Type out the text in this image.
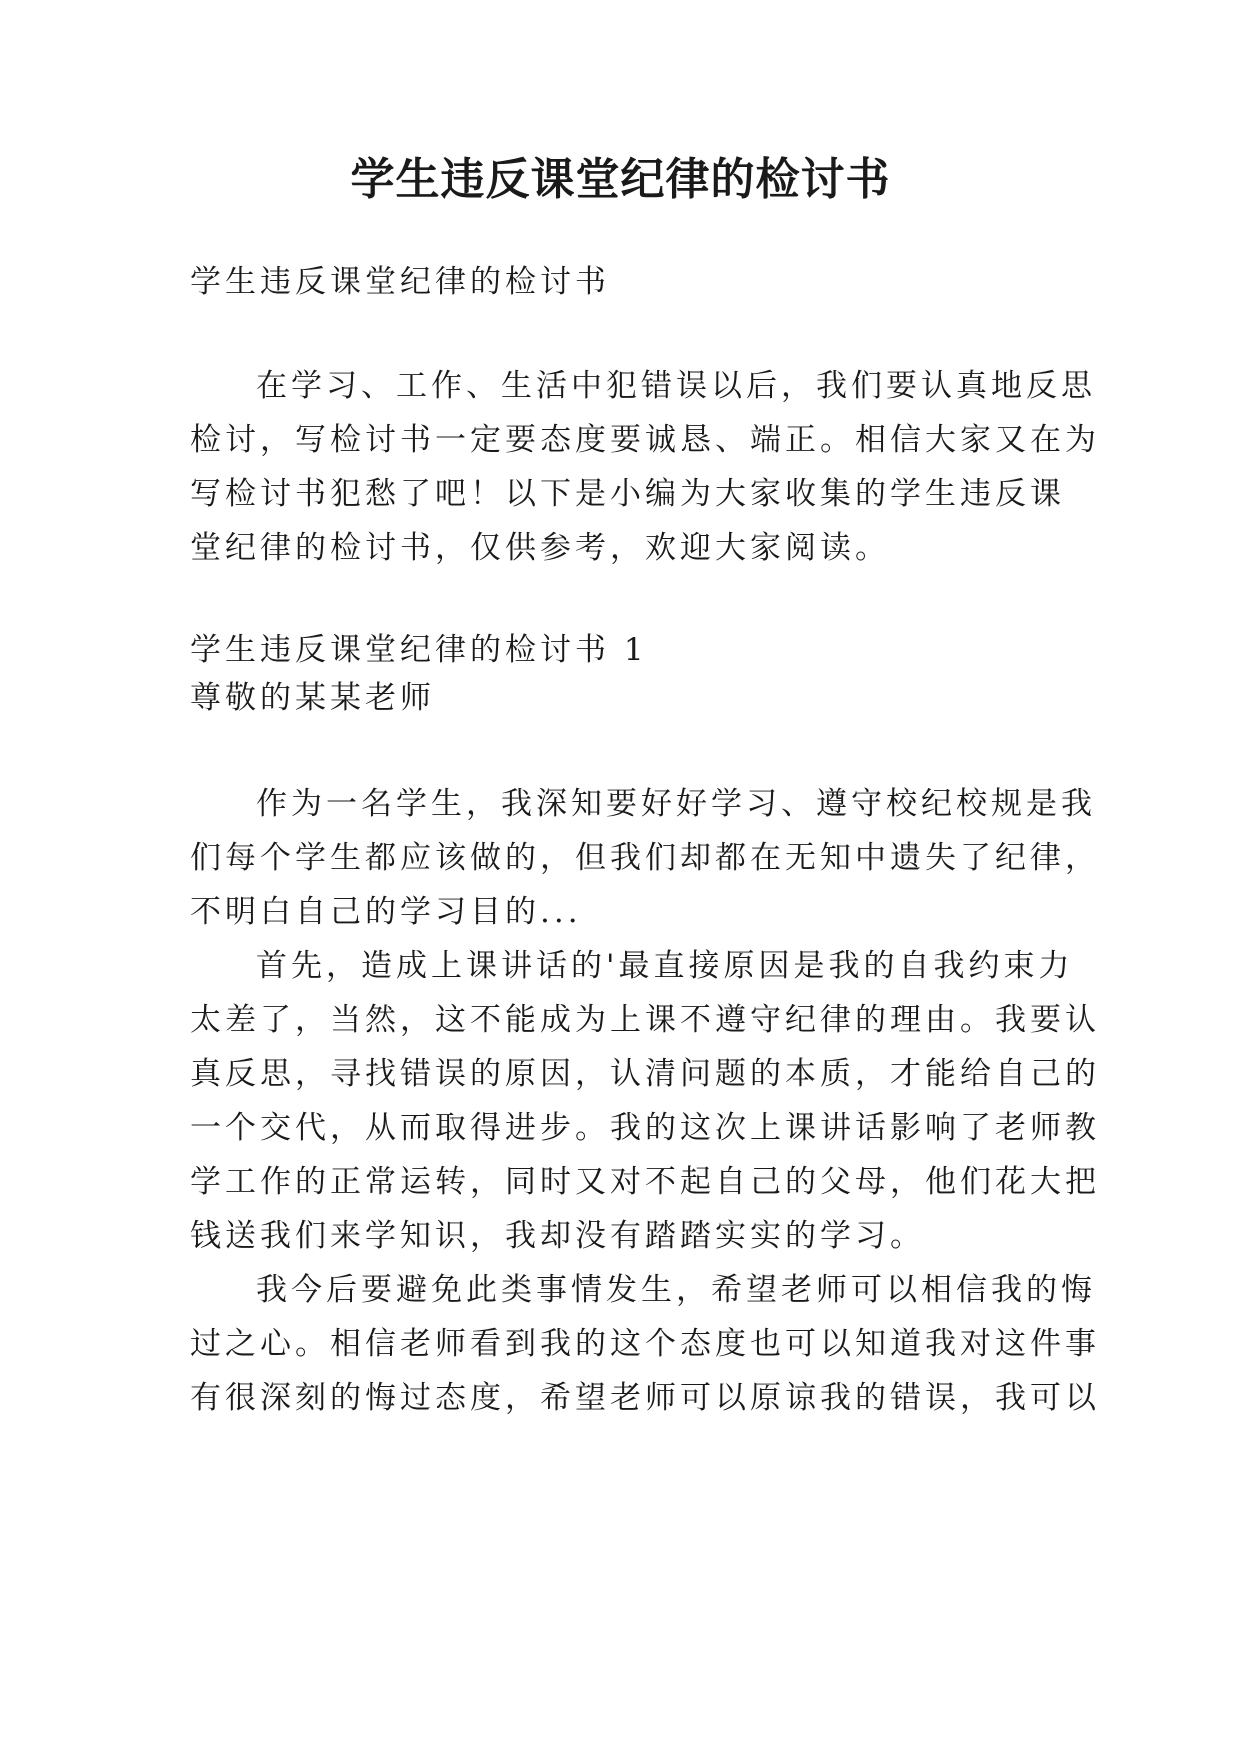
学生违反课堂纪律的检讨书

学生违反课堂纪律的检讨书

在学习、工作、生活中犯错误以后，我们要认真地反思

检讨，写检讨书一定要态度要诚恳、端正。相信大家又在为

写检讨书犯愁了吧！以下是小编为大家收集的学生违反课

堂纪律的检讨书，仅供参考，欢迎大家阅读。

学生违反课堂纪律的检讨书 1

尊敬的某某老师

作为一名学生，我深知要好好学习、遵守校纪校规是我

们每个学生都应该做的，但我们却都在无知中遗失了纪律，

不明白自己的学习目的...

首先，造成上课讲话的'最直接原因是我的自我约束力

太差了，当然，这不能成为上课不遵守纪律的理由。我要认

真反思，寻找错误的原因，认清问题的本质，才能给自己的

一个交代，从而取得进步。我的这次上课讲话影响了老师教

学工作的正常运转，同时又对不起自己的父母，他们花大把

钱送我们来学知识，我却没有踏踏实实的学习。

我今后要避免此类事情发生，希望老师可以相信我的悔

过之心。相信老师看到我的这个态度也可以知道我对这件事

有很深刻的悔过态度，希望老师可以原谅我的错误，我可以
